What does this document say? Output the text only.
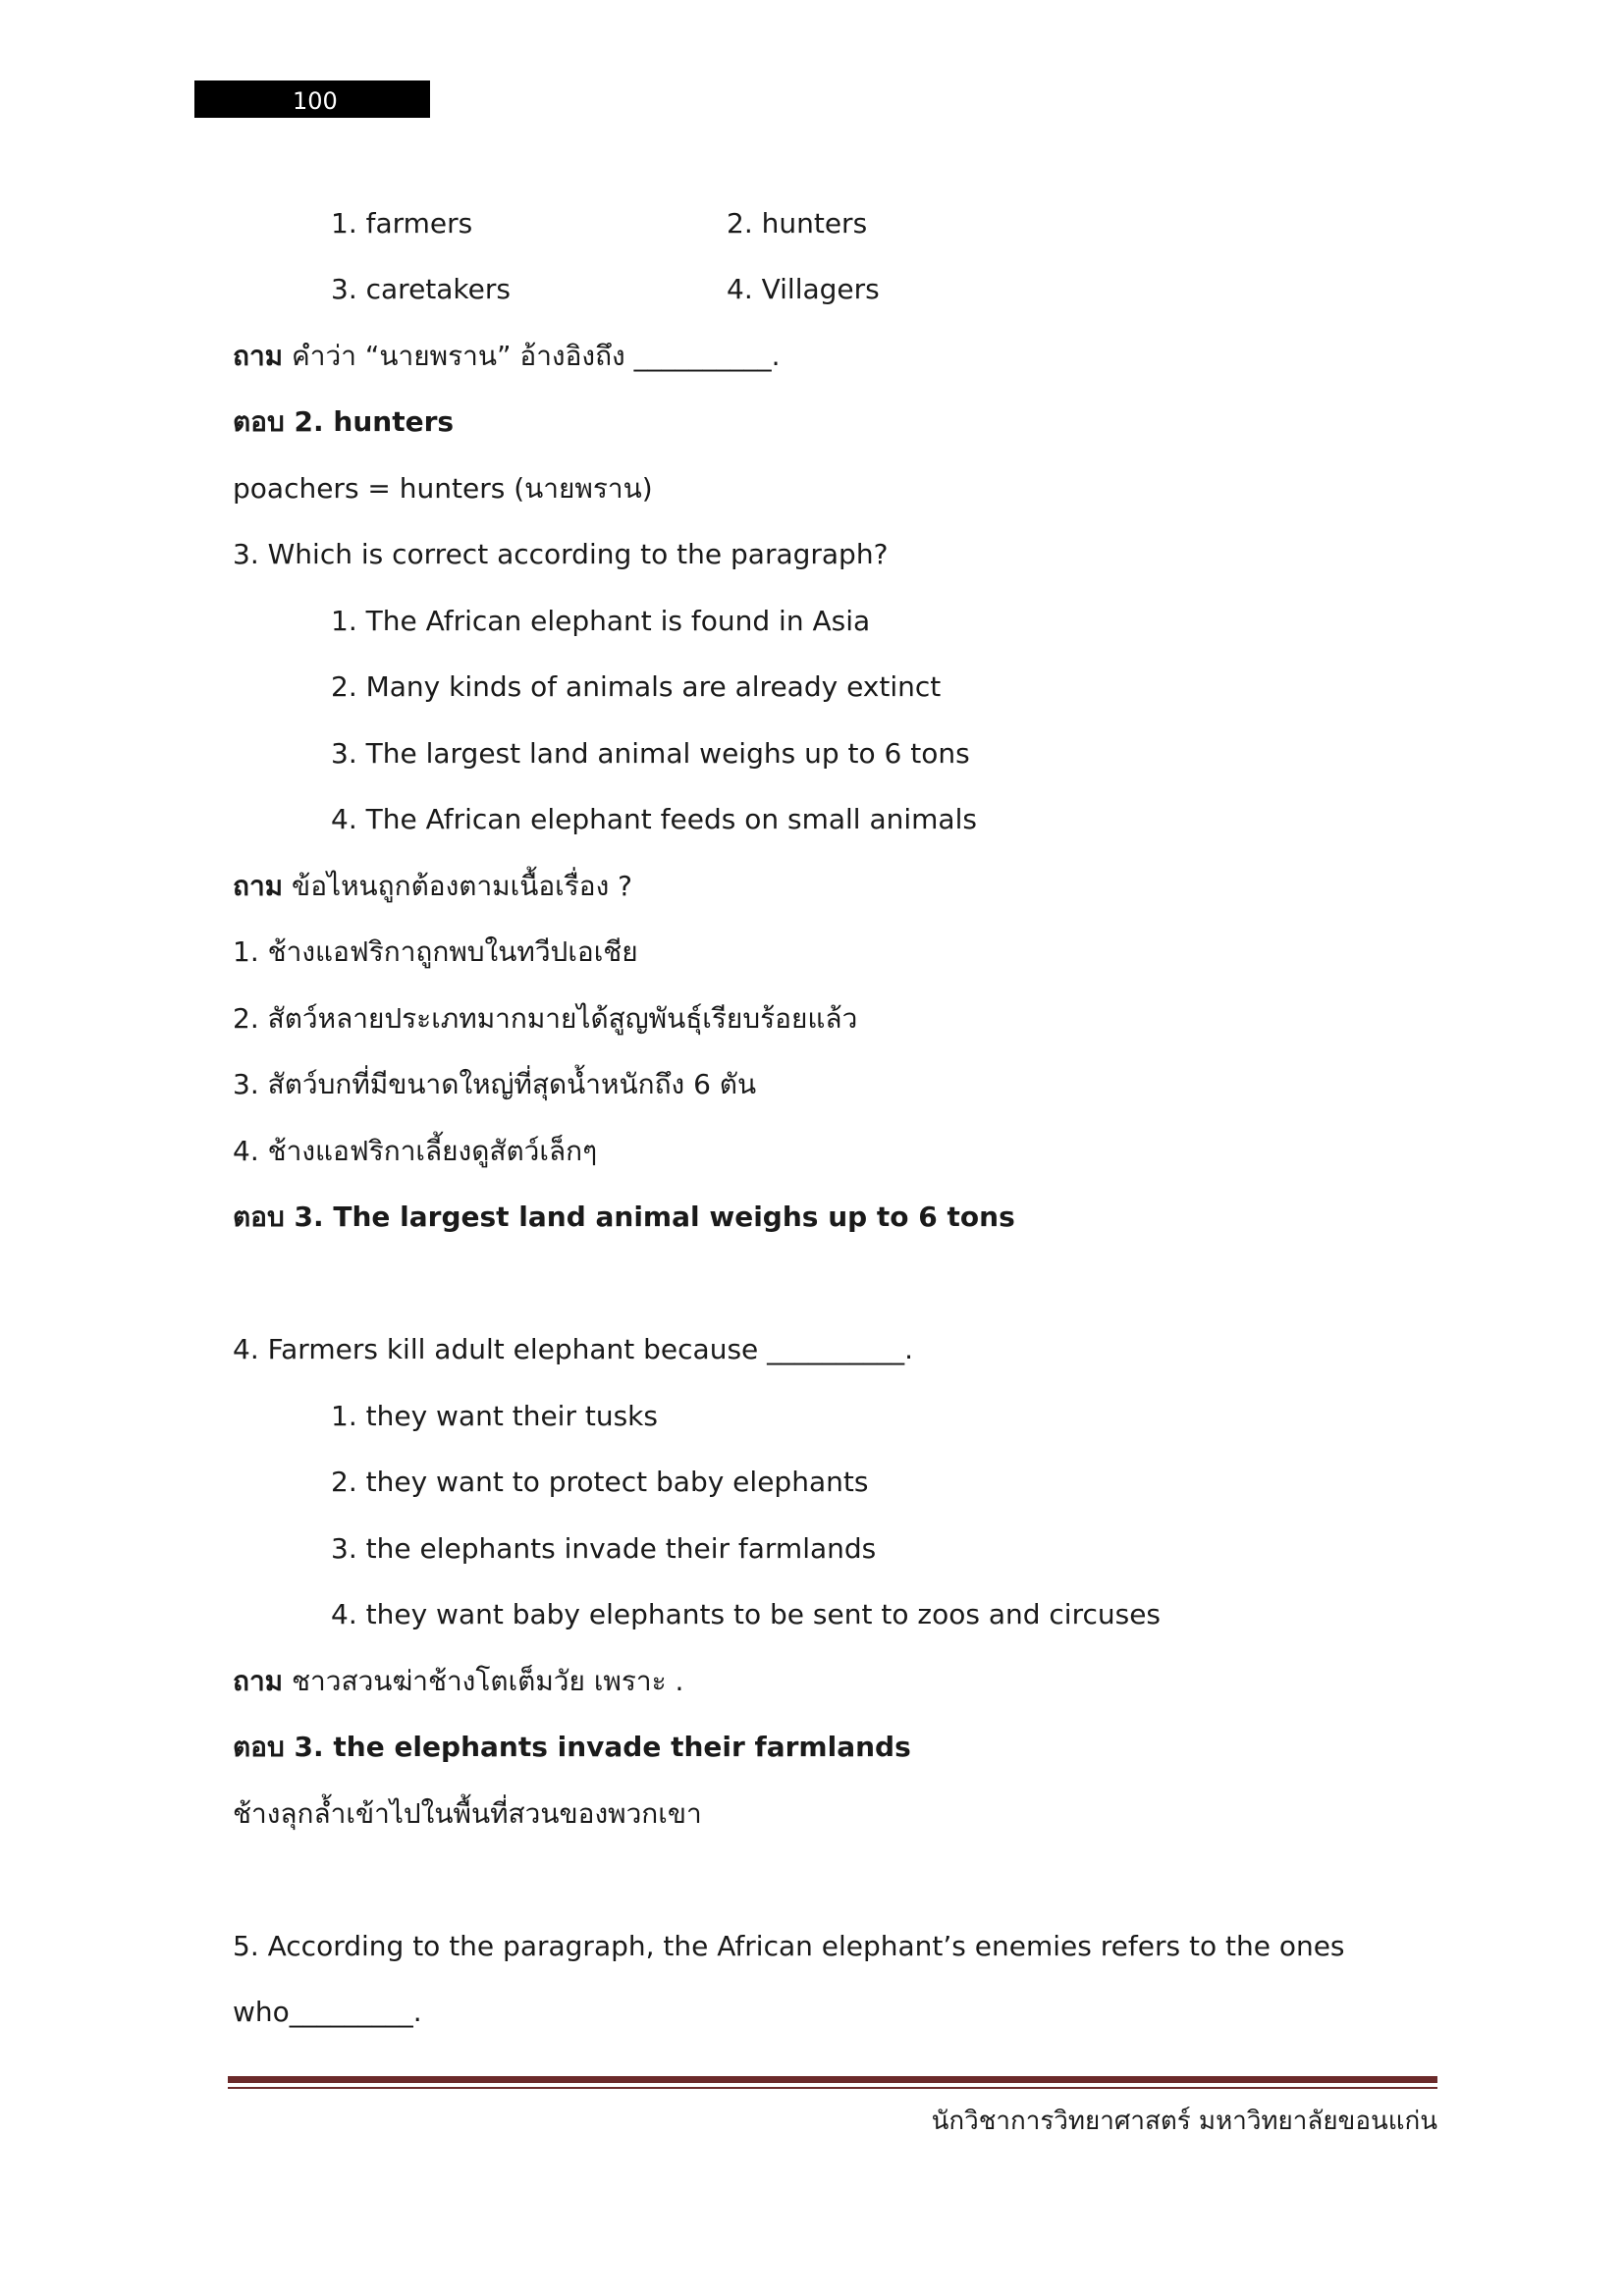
100
1. farmers	2. hunters
3. caretakers	4. Villagers
ถาม คำว่า “นายพราน” อ้างอิงถึง __________.
ตอบ 2. hunters
poachers = hunters (นายพราน)
3. Which is correct according to the paragraph?
1. The African elephant is found in Asia
2. Many kinds of animals are already extinct
3. The largest land animal weighs up to 6 tons
4. The African elephant feeds on small animals
ถาม ข้อไหนถูกต้องตามเนื้อเรื่อง ?
1. ช้างแอฟริกาถูกพบในทวีปเอเชีย
2. สัตว์หลายประเภทมากมายได้สูญพันธุ์เรียบร้อยแล้ว
3. สัตว์บกที่มีขนาดใหญ่ที่สุดน้ำหนักถึง 6 ตัน
4. ช้างแอฟริกาเลี้ยงดูสัตว์เล็กๆ
ตอบ 3. The largest land animal weighs up to 6 tons
4. Farmers kill adult elephant because __________.
1. they want their tusks
2. they want to protect baby elephants
3. the elephants invade their farmlands
4. they want baby elephants to be sent to zoos and circuses
ถาม ชาวสวนฆ่าช้างโตเต็มวัย เพราะ .
ตอบ 3. the elephants invade their farmlands
ช้างลุกล้ำเข้าไปในพื้นที่สวนของพวกเขา
5. According to the paragraph, the African elephant’s enemies refers to the ones
who_________.
นักวิชาการวิทยาศาสตร์ มหาวิทยาลัยขอนแก่น
